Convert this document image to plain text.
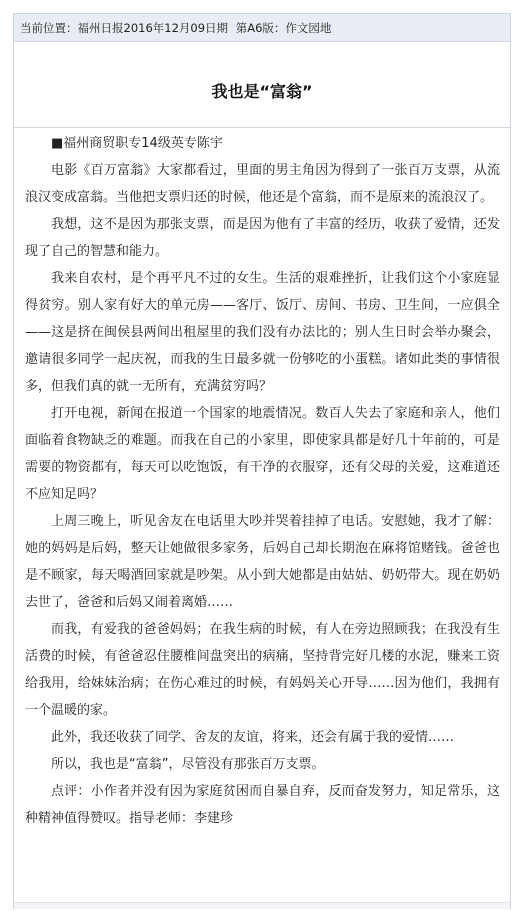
当前位置：福州日报2016年12月09日期 第A6版：作文园地
我也是“富翁”

■福州商贸职专14级英专陈宇

电影《百万富翁》大家都看过，里面的男主角因为得到了一张百万支票，从流浪汉变成富翁。当他把支票归还的时候，他还是个富翁，而不是原来的流浪汉了。

我想，这不是因为那张支票，而是因为他有了丰富的经历，收获了爱情，还发现了自己的智慧和能力。

我来自农村，是个再平凡不过的女生。生活的艰难挫折，让我们这个小家庭显得贫穷。别人家有好大的单元房——客厅、饭厅、房间、书房、卫生间，一应俱全——这是挤在闽侯县两间出租屋里的我们没有办法比的；别人生日时会举办聚会，邀请很多同学一起庆祝，而我的生日最多就一份够吃的小蛋糕。诸如此类的事情很多，但我们真的就一无所有，充满贫穷吗？

打开电视，新闻在报道一个国家的地震情况。数百人失去了家庭和亲人，他们面临着食物缺乏的难题。而我在自己的小家里，即使家具都是好几十年前的，可是需要的物资都有，每天可以吃饱饭，有干净的衣服穿，还有父母的关爱，这难道还不应知足吗？

上周三晚上，听见舍友在电话里大吵并哭着挂掉了电话。安慰她，我才了解：她的妈妈是后妈，整天让她做很多家务，后妈自己却长期泡在麻将馆赌钱。爸爸也是不顾家，每天喝酒回家就是吵架。从小到大她都是由姑姑、奶奶带大。现在奶奶去世了，爸爸和后妈又闹着离婚……

而我，有爱我的爸爸妈妈；在我生病的时候，有人在旁边照顾我；在我没有生活费的时候，有爸爸忍住腰椎间盘突出的病痛，坚持背完好几楼的水泥，赚来工资给我用，给妹妹治病；在伤心难过的时候，有妈妈关心开导……因为他们，我拥有一个温暖的家。

此外，我还收获了同学、舍友的友谊，将来，还会有属于我的爱情……

所以，我也是“富翁”，尽管没有那张百万支票。

点评：小作者并没有因为家庭贫困而自暴自弃，反而奋发努力，知足常乐，这种精神值得赞叹。指导老师：李建珍
